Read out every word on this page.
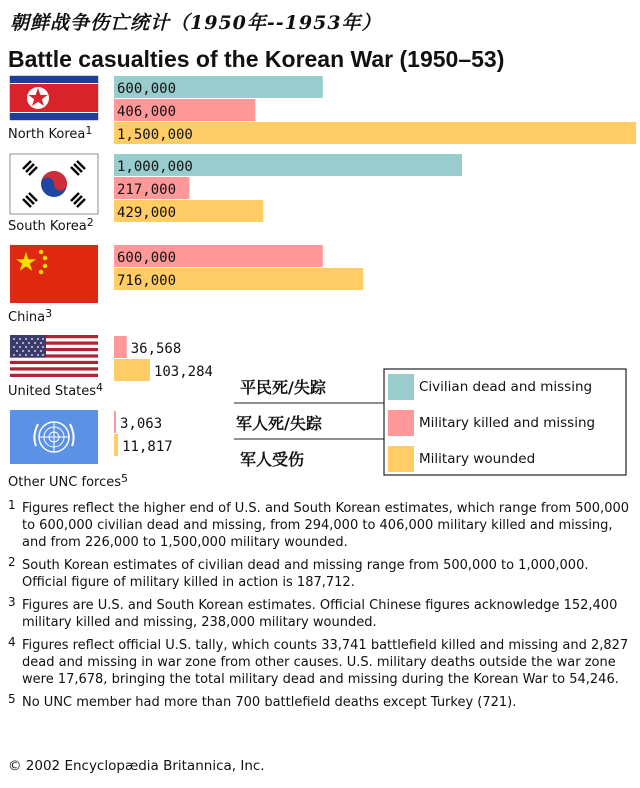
朝鲜战争伤亡统计（1950年--1953年）
Battle casualties of the Korean War (1950–53)
North Korea$^1$
South Korea$^2$
China$^3$
United States$^4$
Other UNC forces$^5$
600,000
406,000
1,500,000
1,000,000
217,000
429,000
600,000
716,000
36,568
103,284
3,063
11,817
Civilian dead and missing
Military killed and missing
Military wounded
平民死/失踪
军人死/失踪
军人受伤
1 Figures reflect the higher end of U.S. and South Korean estimates, which range from 500,000 to 600,000 civilian dead and missing, from 294,000 to 406,000 military killed and missing, and from 226,000 to 1,500,000 military wounded.
2 South Korean estimates of civilian dead and missing range from 500,000 to 1,000,000. Official figure of military killed in action is 187,712.
3 Figures are U.S. and South Korean estimates. Official Chinese figures acknowledge 152,400 military killed and missing, 238,000 military wounded.
4 Figures reflect official U.S. tally, which counts 33,741 battlefield killed and missing and 2,827 dead and missing in war zone from other causes. U.S. military deaths outside the war zone were 17,678, bringing the total military dead and missing during the Korean War to 54,246.
5 No UNC member had more than 700 battlefield deaths except Turkey (721).
© 2002 Encyclopædia Britannica, Inc.
